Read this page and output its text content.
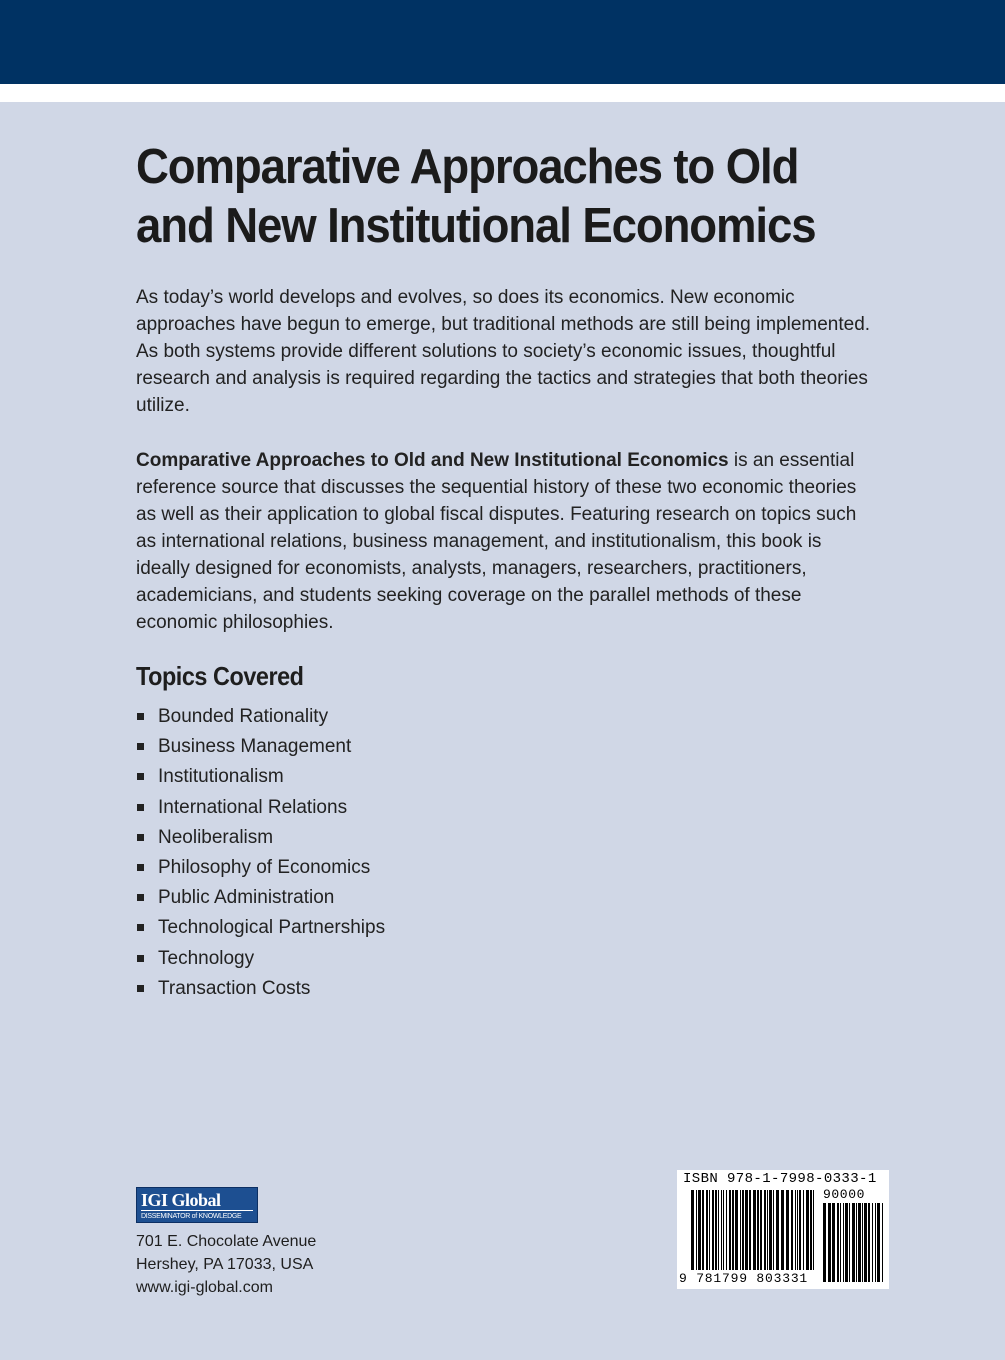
Comparative Approaches to Old and New Institutional Economics

As today’s world develops and evolves, so does its economics. New economic approaches have begun to emerge, but traditional methods are still being implemented. As both systems provide different solutions to society’s economic issues, thoughtful research and analysis is required regarding the tactics and strategies that both theories utilize.

Comparative Approaches to Old and New Institutional Economics is an essential reference source that discusses the sequential history of these two economic theories as well as their application to global fiscal disputes. Featuring research on topics such as international relations, business management, and institutionalism, this book is ideally designed for economists, analysts, managers, researchers, practitioners, academicians, and students seeking coverage on the parallel methods of these economic philosophies.

Topics Covered
Bounded Rationality
Business Management
Institutionalism
International Relations
Neoliberalism
Philosophy of Economics
Public Administration
Technological Partnerships
Technology
Transaction Costs
IGI Global
DISSEMINATOR of KNOWLEDGE

701 E. Chocolate Avenue
Hershey, PA 17033, USA
www.igi-global.com

ISBN 978-1-7998-0333-1
90000
9 781799 803331
